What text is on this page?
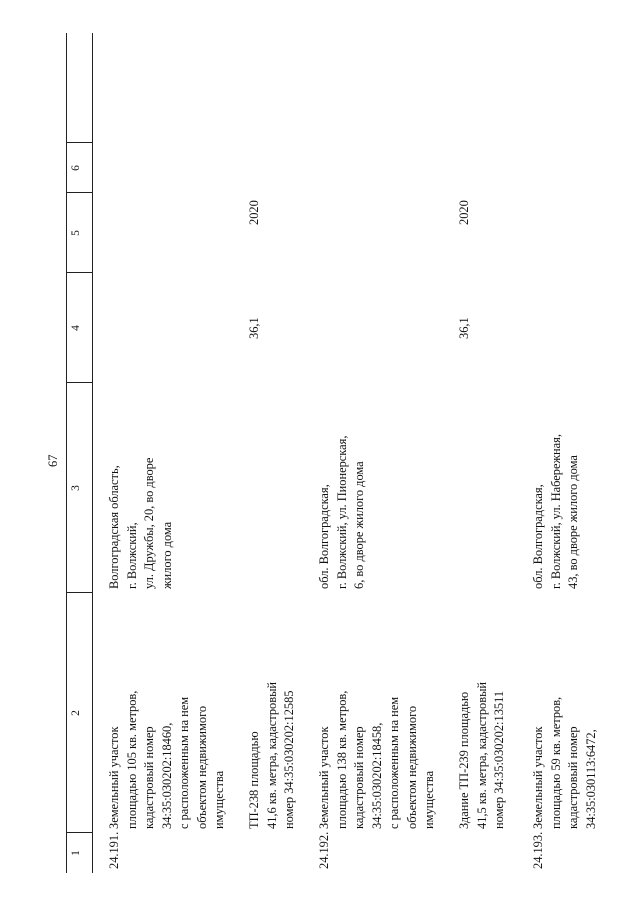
67
1
2
3
4
5
6
24.191.
Земельный участок
площадью 105 кв. метров,
кадастровый номер
34:35:030202:18460,
с расположенным на нем
объектом недвижимого
имущества
Волгоградская область,
г. Волжский,
ул. Дружбы, 20, во дворе
жилого дома
ТП-238 площадью
41,6 кв. метра, кадастровый
номер 34:35:030202:12585
36,1
2020
24.192.
Земельный участок
площадью 138 кв. метров,
кадастровый номер
34:35:030202:18458,
с расположенным на нем
объектом недвижимого
имущества
обл. Волгоградская,
г. Волжский, ул. Пионерская,
6, во дворе жилого дома
Здание ТП-239 площадью
41,5 кв. метра, кадастровый
номер 34:35:030202:13511
36,1
2020
24.193.
Земельный участок
площадью 59 кв. метров,
кадастровый номер
34:35:030113:6472,
обл. Волгоградская,
г. Волжский, ул. Набережная,
43, во дворе жилого дома
